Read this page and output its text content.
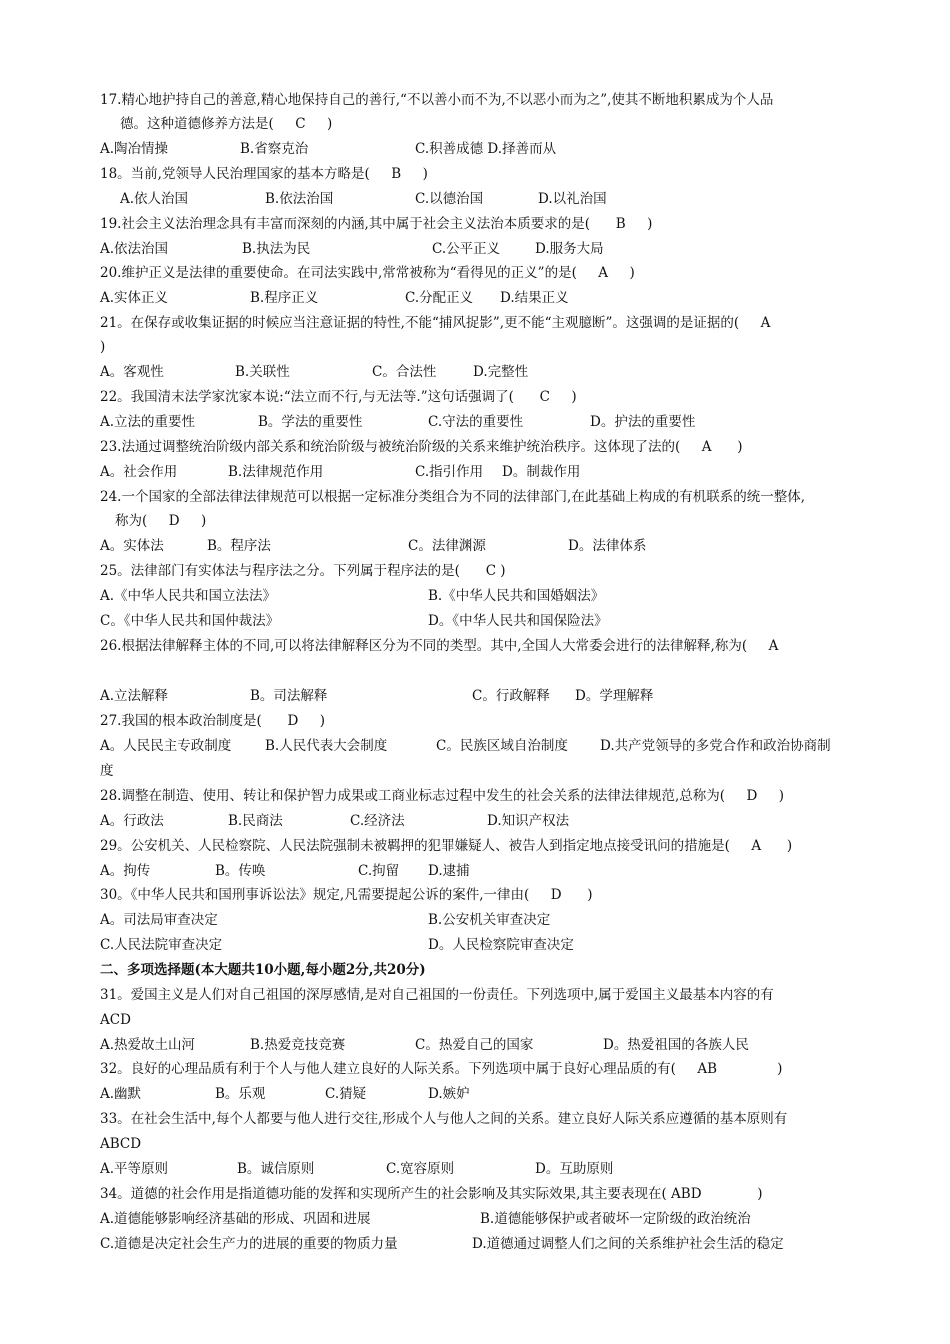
17.精心地护持自己的善意,精心地保持自己的善行,“不以善小而不为,不以恶小而为之”,使其不断地积累成为个人品
德。这种道德修养方法是(     C     )
A.陶冶情操	B.省察克治	C.积善成德 D.择善而从
18。当前,党领导人民治理国家的基本方略是(     B     )
A.依人治国	B.依法治国	C.以德治国	D.以礼治国
19.社会主义法治理念具有丰富而深刻的内涵,其中属于社会主义法治本质要求的是(      B     )
A.依法治国	B.执法为民	C.公平正义	D.服务大局
20.维护正义是法律的重要使命。在司法实践中,常常被称为“看得见的正义”的是(     A     )
A.实体正义	B.程序正义	C.分配正义 D.结果正义
21。在保存或收集证据的时候应当注意证据的特性,不能“捕风捉影”,更不能“主观臆断”。这强调的是证据的(     A
)
A。客观性	B.关联性	C。合法性	D.完整性
22。我国清末法学家沈家本说:“法立而不行,与无法等.”这句话强调了(      C     )
A.立法的重要性	B。学法的重要性	C.守法的重要性	D。护法的重要性
23.法通过调整统治阶级内部关系和统治阶级与被统治阶级的关系来维护统治秩序。这体现了法的(     A      )
A。社会作用	B.法律规范作用	C.指引作用 D。制裁作用
24.一个国家的全部法律法律规范可以根据一定标准分类组合为不同的法律部门,在此基础上构成的有机联系的统一整体,
称为(     D     )
A。实体法	B。程序法	C。法律渊源	D。法律体系
25。法律部门有实体法与程序法之分。下列属于程序法的是(      C )
A.《中华人民共和国立法法》	B.《中华人民共和国婚姻法》
C。《中华人民共和国仲裁法》	D。《中华人民共和国保险法》
26.根据法律解释主体的不同,可以将法律解释区分为不同的类型。其中,全国人大常委会进行的法律解释,称为(     A
A.立法解释	B。司法解释	C。行政解释 D。学理解释
27.我国的根本政治制度是(      D     )
A。人民民主专政制度	B.人民代表大会制度	C。民族区域自治制度 D.共产党领导的多党合作和政治协商制
度
28.调整在制造、使用、转让和保护智力成果或工商业标志过程中发生的社会关系的法律法律规范,总称为(     D     )
A。行政法	B.民商法	C.经济法	D.知识产权法
29。公安机关、人民检察院、人民法院强制未被羁押的犯罪嫌疑人、被告人到指定地点接受讯问的措施是(     A      )
A。拘传	B。传唤	C.拘留 D.逮捕
30。《中华人民共和国刑事诉讼法》规定,凡需要提起公诉的案件,一律由(     D      )
A。司法局审查决定	B.公安机关审查决定
C.人民法院审查决定	D。人民检察院审查决定
二、多项选择题(本大题共10小题,每小题2分,共20分)
31。爱国主义是人们对自己祖国的深厚感情,是对自己祖国的一份责任。下列选项中,属于爱国主义最基本内容的有
ACD
A.热爱故土山河	B.热爱竞技竞赛	C。热爱自己的国家	D。热爱祖国的各族人民
32。良好的心理品质有利于个人与他人建立良好的人际关系。下列选项中属于良好心理品质的有(     AB              )
A.幽默	B。乐观	C.猜疑	D.嫉妒
33。在社会生活中,每个人都要与他人进行交往,形成个人与他人之间的关系。建立良好人际关系应遵循的基本原则有
ABCD
A.平等原则	B。诚信原则	C.宽容原则	D。互助原则
34。道德的社会作用是指道德功能的发挥和实现所产生的社会影响及其实际效果,其主要表现在( ABD             )
A.道德能够影响经济基础的形成、巩固和进展	B.道德能够保护或者破坏一定阶级的政治统治
C.道德是决定社会生产力的进展的重要的物质力量	D.道德通过调整人们之间的关系维护社会生活的稳定
